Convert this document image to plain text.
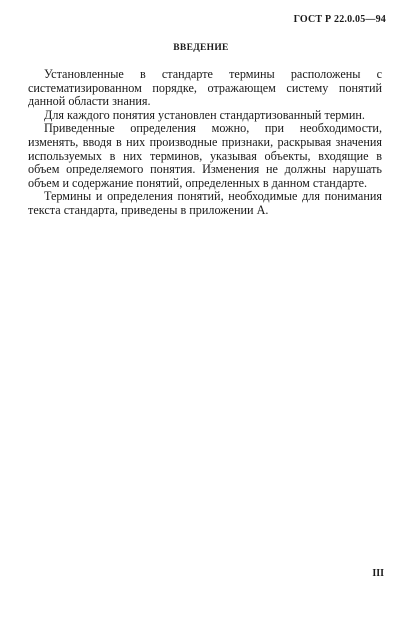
ГОСТ Р 22.0.05—94
ВВЕДЕНИЕ

Установленные в стандарте термины расположены с систематизированном порядке, отражающем систему понятий данной области знания.

Для каждого понятия установлен стандартизованный термин.

Приведенные определения можно, при необходимости, изменять, вводя в них производные признаки, раскрывая значения используемых в них терминов, указывая объекты, входящие в объем определяемого понятия. Изменения не должны нарушать объем и содержание понятий, определенных в данном стандарте.

Термины и определения понятий, необходимые для понимания текста стандарта, приведены в приложении А.

III
